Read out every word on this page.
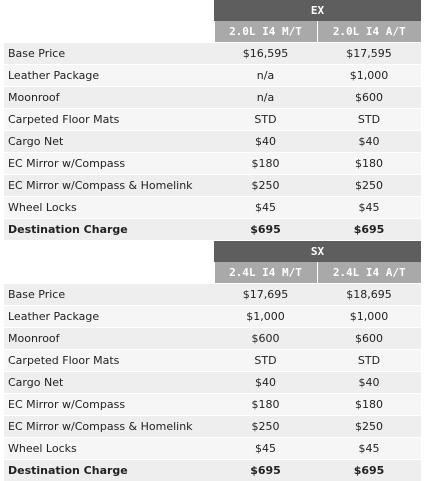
	EX	
	2.0L I4 M/T	2.0L I4 A/T
Base Price	$16,595	$17,595
Leather Package	n/a	$1,000
Moonroof	n/a	$600
Carpeted Floor Mats	STD	STD
Cargo Net	$40	$40
EC Mirror w/Compass	$180	$180
EC Mirror w/Compass & Homelink	$250	$250
Wheel Locks	$45	$45
Destination Charge	$695	$695
	SX	
	2.4L I4 M/T	2.4L I4 A/T
Base Price	$17,695	$18,695
Leather Package	$1,000	$1,000
Moonroof	$600	$600
Carpeted Floor Mats	STD	STD
Cargo Net	$40	$40
EC Mirror w/Compass	$180	$180
EC Mirror w/Compass & Homelink	$250	$250
Wheel Locks	$45	$45
Destination Charge	$695	$695
